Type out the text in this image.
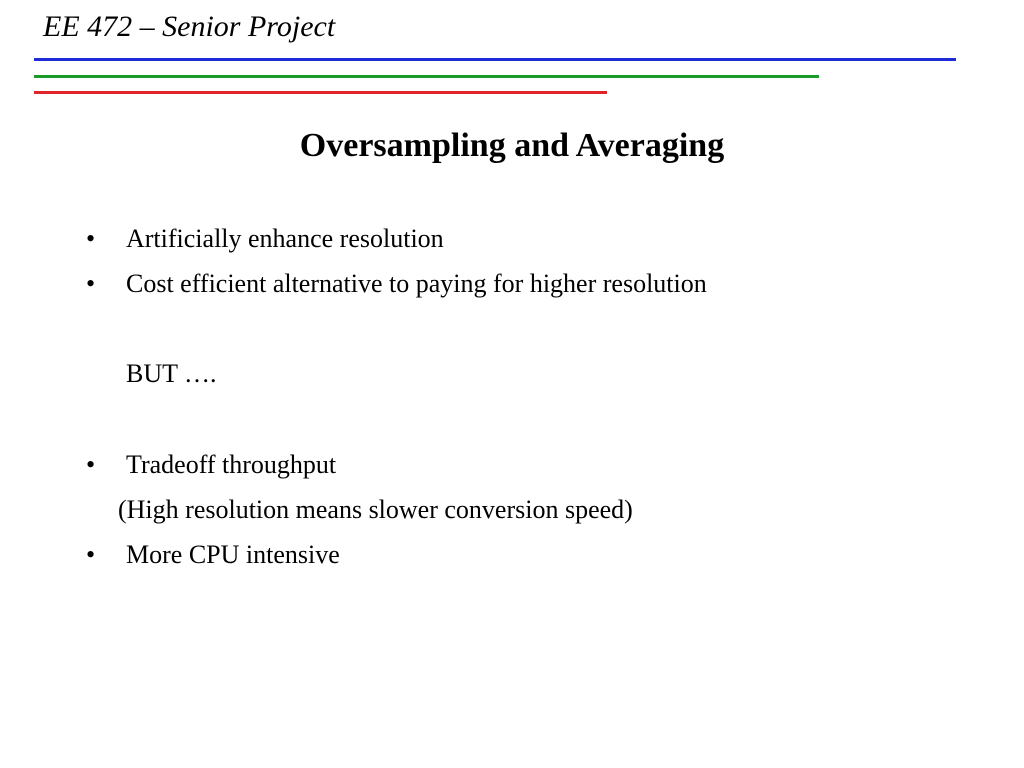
EE 472 – Senior Project
Oversampling and Averaging
• Artificially enhance resolution
• Cost efficient alternative to paying for higher resolution
BUT ….
• Tradeoff throughput
(High resolution means slower conversion speed)
• More CPU intensive
